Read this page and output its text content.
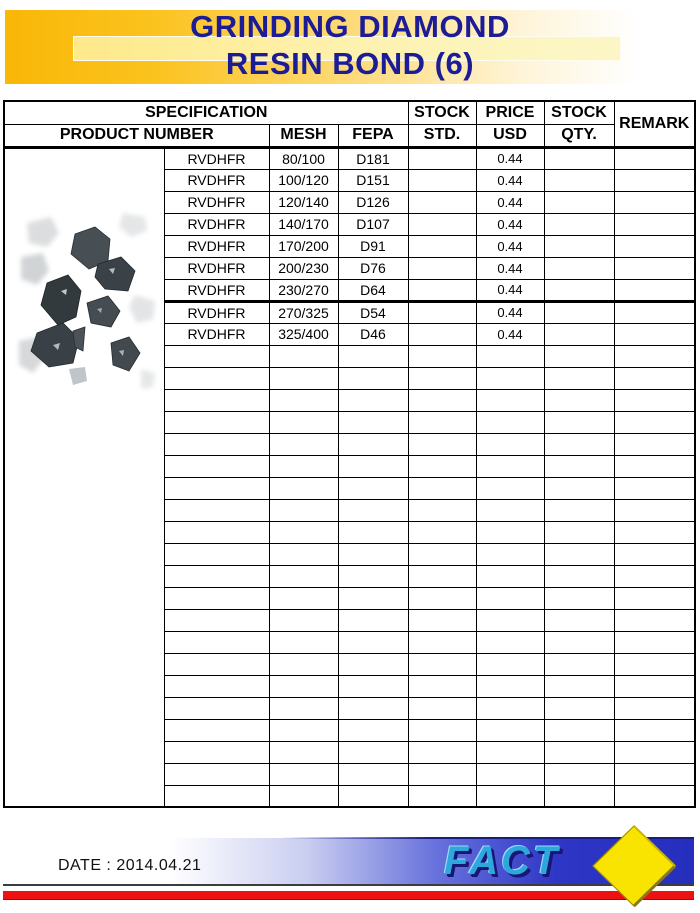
GRINDING DIAMOND
RESIN BOND (6)
SPECIFICATION				STOCK	PRICE	STOCK	REMARK
PRODUCT NUMBER		MESH	FEPA	STD.	USD	QTY.	

	RVDHFR	80/100	D181		0.44		
	RVDHFR	100/120	D151		0.44		
	RVDHFR	120/140	D126		0.44		
	RVDHFR	140/170	D107		0.44		
	RVDHFR	170/200	D91		0.44		
	RVDHFR	200/230	D76		0.44		
	RVDHFR	230/270	D64		0.44		
	RVDHFR	270/325	D54		0.44		
	RVDHFR	325/400	D46		0.44		

DATE : 2014.04.21	FACT
